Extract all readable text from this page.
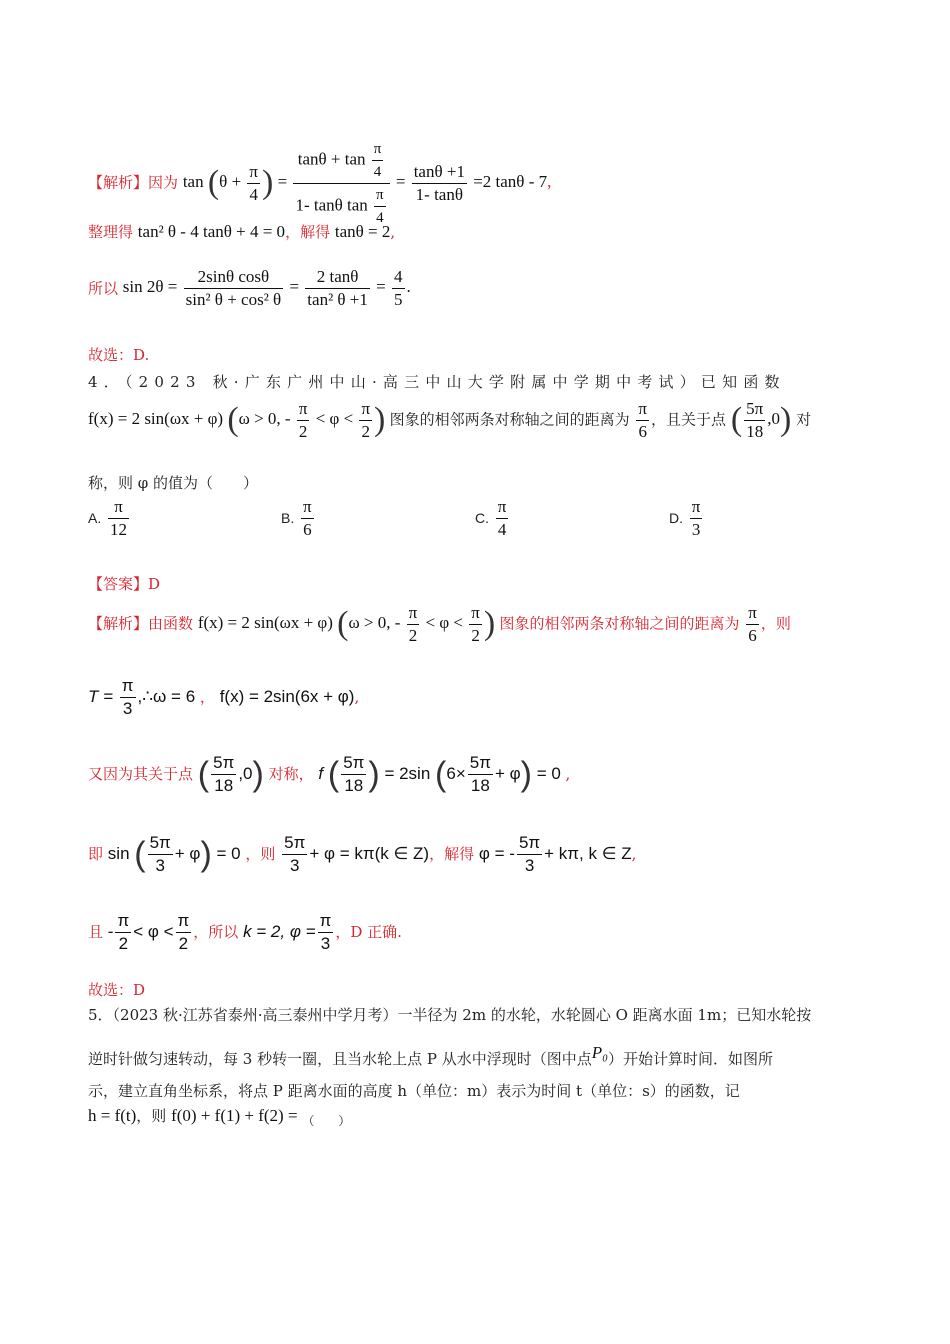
【解析】因为 $\tan (\theta + \frac{\pi}{4}$ ) = $\frac{\tan\theta + \tan \frac{\pi}{4}}{1- \tan\theta \tan \frac{\pi}{4}} = \frac{\tan\theta +1}{1- \tan\theta} =2$ tanθ - 7,
整理得 tan² θ - 4 tanθ + 4 = 0，解得 tanθ = 2,
所以 $\sin 2\theta = \frac{\text{2sinθ cosθ}}{\text{sin² θ + cos² θ}} = \frac{2 \tan\theta}{\text{tan² θ +1}} = \frac{4}{5}$ .
故选：D.
4．（2023 秋·广东广州中山·高三中山大学附属中学期中考试）已知函数
f(x) = 2 sin(ωx + φ) (ω > 0, - $\frac{\pi}{2} < \varphi < \frac{\pi}{2}$ ) 图象的相邻两条对称轴之间的距离为 $\frac{\pi}{6}$ ，且关于点 ( $\frac{5\pi}{18} ,0$) 对
称，则 φ 的值为（　　）
A. $\frac{\pi}{12}$	B. $\frac{\pi}{6}$	C. $\frac{\pi}{4}$	D. $\frac{\pi}{3}$
【答案】D
【解析】由函数 f(x) = 2 sin(ωx + φ) (ω > 0, - $\frac{\pi}{2} < \varphi < \frac{\pi}{2}$ ) 图象的相邻两条对称轴之间的距离为 $\frac{\pi}{6}$ ，则
$T = \frac{\pi}{3}$ ,∴ω = 6 ， f(x) = 2sin(6x + φ),
又因为其关于点 ( $\frac{5\pi}{18} ,0$) 对称， f ( $\frac{5\pi}{18}$ ) = 2sin $(6\times \frac{5\pi}{18} + \varphi) = 0$ ,
即 sin ( $\frac{5\pi}{3} + \varphi) = 0$ ，则 $\frac{5\pi}{3} + \varphi = k\pi(k$ ∈ Z)，解得 φ = - $\frac{5\pi}{3} + k\pi$, k ∈ Z,
且 - $\frac{\pi}{2} < \varphi < \frac{\pi}{2}$ ，所以 k = 2, $\varphi = \frac{\pi}{3}$ ，D 正确.
故选：D
5．（2023 秋·江苏省泰州·高三泰州中学月考）一半径为 2m 的水轮，水轮圆心 O 距离水面 1m；已知水轮按
逆时针做匀速转动，每 3 秒转一圈，且当水轮上点 P 从水中浮现时（图中点P₀）开始计算时间．如图所
示，建立直角坐标系，将点 P 距离水面的高度 h（单位：m）表示为时间 t（单位：s）的函数，记
h = f(t)，则 f(0) + f(1) + f(2) = $_{( )}$
